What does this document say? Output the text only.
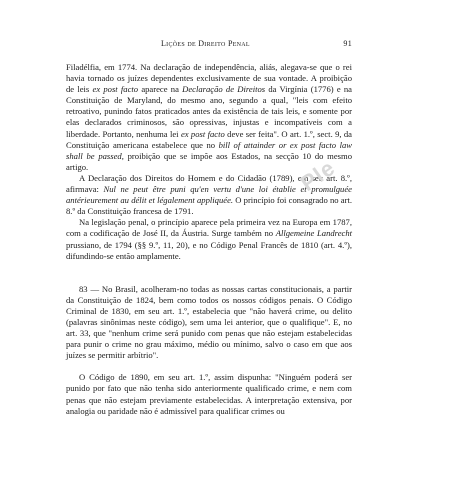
Lições de Direito Penal	91

Filadélfia, em 1774. Na declaração de independência, aliás, alegava-se que o rei havia tornado os juízes dependentes exclusivamente de sua vontade. A proibição de leis ex post facto aparece na Declaração de Direitos da Virgínia (1776) e na Constituição de Maryland, do mesmo ano, segundo a qual, "leis com efeito retroativo, punindo fatos praticados antes da existência de tais leis, e somente por elas declarados criminosos, são opressivas, injustas e incompatíveis com a liberdade. Portanto, nenhuma lei ex post facto deve ser feita". O art. 1.º, sect. 9, da Constituição americana estabelece que no bill of attainder or ex post facto law shall be passed, proibição que se impõe aos Estados, na secção 10 do mesmo artigo.

A Declaração dos Direitos do Homem e do Cidadão (1789), em seu art. 8.º, afirmava: Nul ne peut être puni qu'en vertu d'une loi établie et promulguée antérieurement au délit et légalement appliquée. O princípio foi consagrado no art. 8.º da Constituição francesa de 1791.

Na legislação penal, o princípio aparece pela primeira vez na Europa em 1787, com a codificação de José II, da Áustria. Surge também no Allgemeine Landrecht prussiano, de 1794 (§§ 9.º, 11, 20), e no Código Penal Francês de 1810 (art. 4.º), difundindo-se então amplamente.

83 — No Brasil, acolheram-no todas as nossas cartas constitucionais, a partir da Constituição de 1824, bem como todos os nossos códigos penais. O Código Criminal de 1830, em seu art. 1.º, estabelecia que "não haverá crime, ou delito (palavras sinônimas neste código), sem uma lei anterior, que o qualifique". E, no art. 33, que "nenhum crime será punido com penas que não estejam estabelecidas para punir o crime no grau máximo, médio ou mínimo, salvo o caso em que aos juízes se permitir arbítrio".

O Código de 1890, em seu art. 1.º, assim dispunha: "Ninguém poderá ser punido por fato que não tenha sido anteriormente qualificado crime, e nem com penas que não estejam previamente estabelecidas. A interpretação extensiva, por analogia ou paridade não é admissível para qualificar crimes ou

Ple
